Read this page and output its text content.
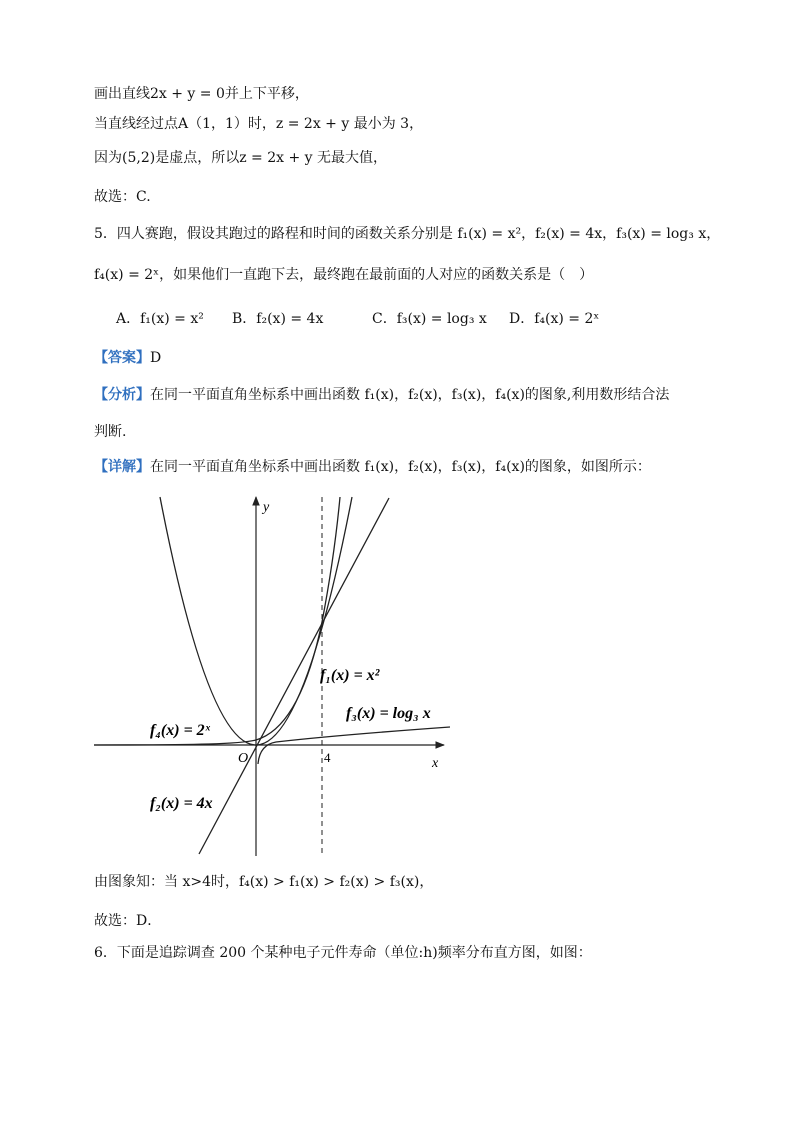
画出直线2x + y = 0并上下平移，
当直线经过点A（1，1）时，z = 2x + y 最小为 3，
因为(5,2)是虚点，所以z = 2x + y 无最大值，
故选：C.
5．四人赛跑，假设其跑过的路程和时间的函数关系分别是 f₁(x) = x²，f₂(x) = 4x，f₃(x) = log₃ x，
f₄(x) = 2ˣ，如果他们一直跑下去，最终跑在最前面的人对应的函数关系是（　）
A．f₁(x) = x² B．f₂(x) = 4x	C．f₃(x) = log₃ x D．f₄(x) = 2ˣ
【答案】D
【分析】在同一平面直角坐标系中画出函数 f₁(x)，f₂(x)，f₃(x)，f₄(x)的图象,利用数形结合法
判断.
【详解】在同一平面直角坐标系中画出函数 f₁(x)，f₂(x)，f₃(x)，f₄(x)的图象，如图所示：
x
y
O	4
f₁(x) = x²
f₃(x) = log₃ x
f₄(x) = 2ˣ
f₂(x) = 4x
由图象知：当 x>4时，f₄(x) > f₁(x) > f₂(x) > f₃(x)，
故选：D．
6．下面是追踪调查 200 个某种电子元件寿命（单位:h)频率分布直方图，如图：
